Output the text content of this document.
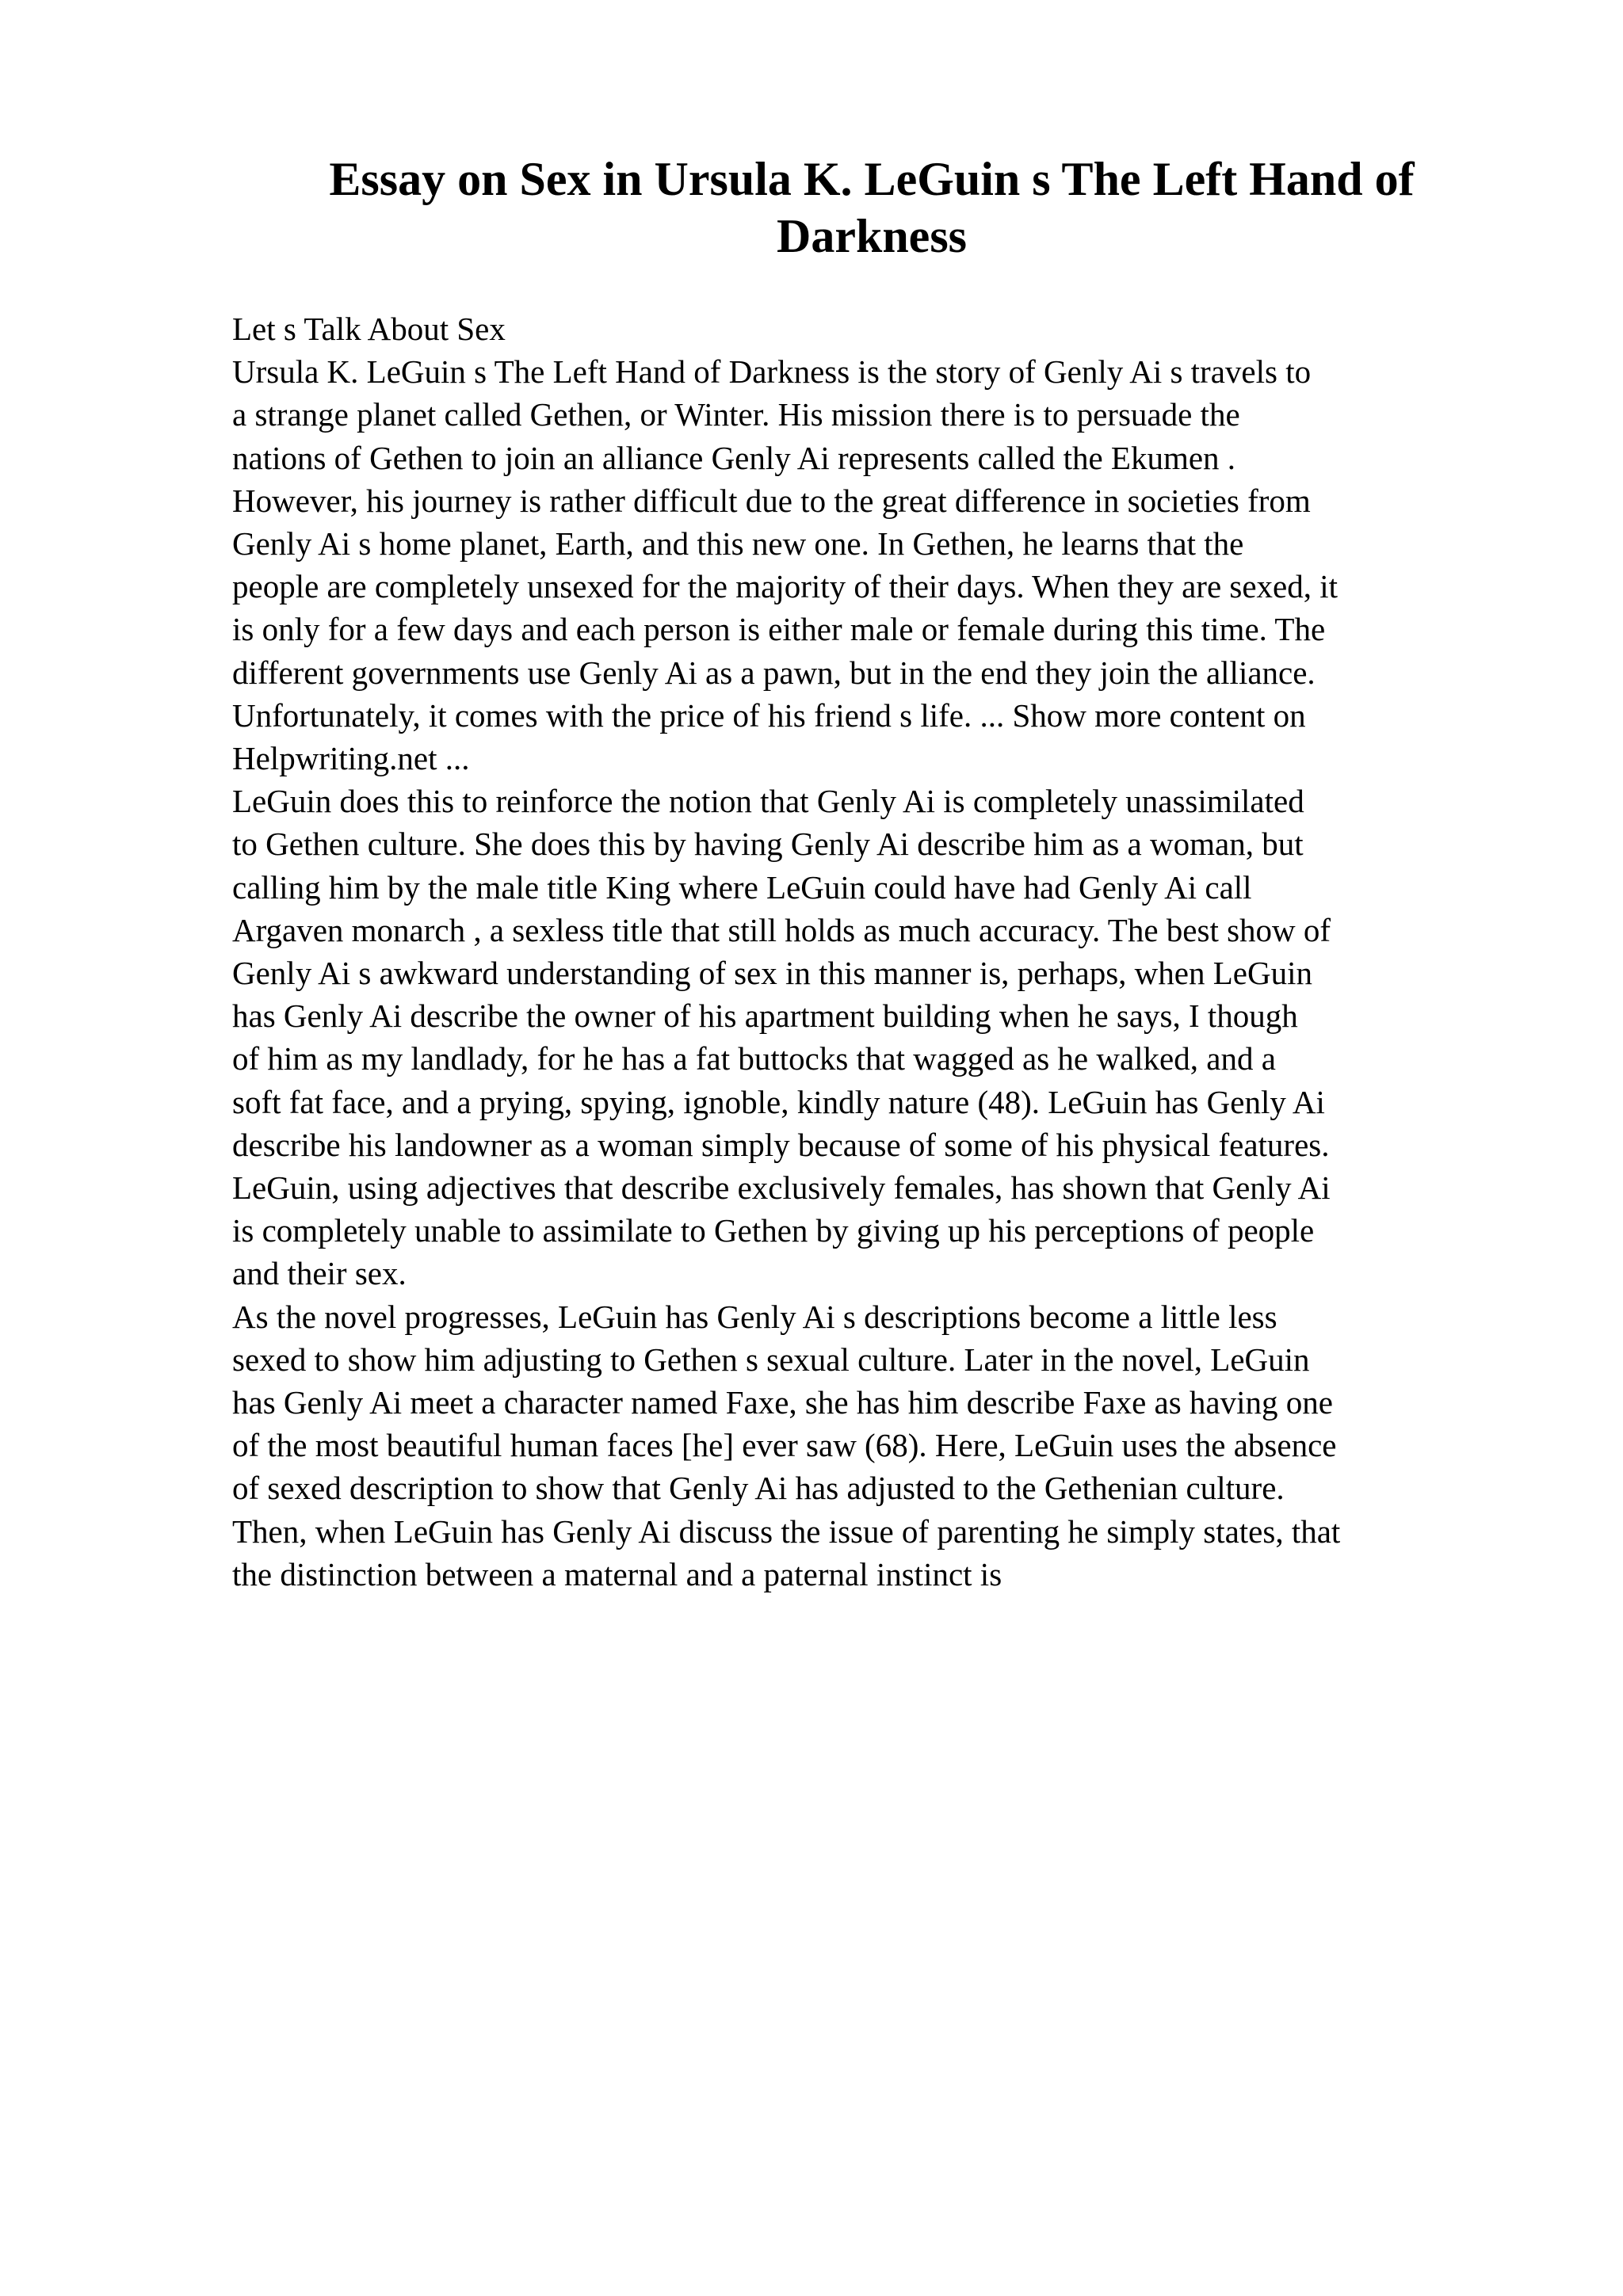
Essay on Sex in Ursula K. LeGuin s The Left Hand of
Darkness
Let s Talk About Sex
Ursula K. LeGuin s The Left Hand of Darkness is the story of Genly Ai s travels to
a strange planet called Gethen, or Winter. His mission there is to persuade the
nations of Gethen to join an alliance Genly Ai represents called the Ekumen .
However, his journey is rather difficult due to the great difference in societies from
Genly Ai s home planet, Earth, and this new one. In Gethen, he learns that the
people are completely unsexed for the majority of their days. When they are sexed, it
is only for a few days and each person is either male or female during this time. The
different governments use Genly Ai as a pawn, but in the end they join the alliance.
Unfortunately, it comes with the price of his friend s life. ... Show more content on
Helpwriting.net ...
LeGuin does this to reinforce the notion that Genly Ai is completely unassimilated
to Gethen culture. She does this by having Genly Ai describe him as a woman, but
calling him by the male title King where LeGuin could have had Genly Ai call
Argaven monarch , a sexless title that still holds as much accuracy. The best show of
Genly Ai s awkward understanding of sex in this manner is, perhaps, when LeGuin
has Genly Ai describe the owner of his apartment building when he says, I though
of him as my landlady, for he has a fat buttocks that wagged as he walked, and a
soft fat face, and a prying, spying, ignoble, kindly nature (48). LeGuin has Genly Ai
describe his landowner as a woman simply because of some of his physical features.
LeGuin, using adjectives that describe exclusively females, has shown that Genly Ai
is completely unable to assimilate to Gethen by giving up his perceptions of people
and their sex.
As the novel progresses, LeGuin has Genly Ai s descriptions become a little less
sexed to show him adjusting to Gethen s sexual culture. Later in the novel, LeGuin
has Genly Ai meet a character named Faxe, she has him describe Faxe as having one
of the most beautiful human faces [he] ever saw (68). Here, LeGuin uses the absence
of sexed description to show that Genly Ai has adjusted to the Gethenian culture.
Then, when LeGuin has Genly Ai discuss the issue of parenting he simply states, that
the distinction between a maternal and a paternal instinct is
